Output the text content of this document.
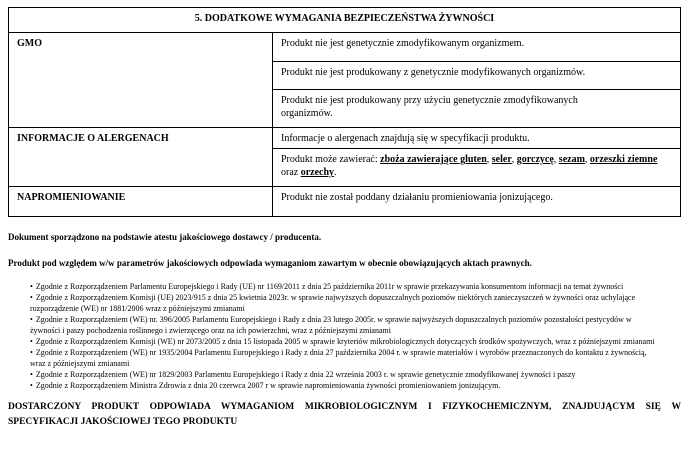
5. DODATKOWE WYMAGANIA BEZPIECZEŃSTWA ŻYWNOŚCI	
GMO	Produkt nie jest genetycznie zmodyfikowanym organizmem.
	Produkt nie jest produkowany z genetycznie modyfikowanych organizmów.

	Produkt nie jest produkowany przy użyciu genetycznie zmodyfikowanych organizmów.

INFORMACJE O ALERGENACH	Informacje o alergenach znajdują się w specyfikacji produktu.

	Produkt może zawierać: zboża zawierające gluten, seler, gorczycę, sezam, orzeszki ziemne oraz orzechy.

NAPROMIENIOWANIE	Produkt nie został poddany działaniu promieniowania jonizującego.

Dokument sporządzono na podstawie atestu jakościowego dostawcy / producenta.

Produkt pod względem w/w parametrów jakościowych odpowiada wymaganiom zawartym w obecnie obowiązujących aktach prawnych.

• Zgodnie z Rozporządzeniem Parlamentu Europejskiego i Rady (UE) nr 1169/2011 z dnia 25 października 2011r w sprawie przekazywania konsumentom informacji na temat żywności
• Zgodnie z Rozporządzeniem Komisji (UE) 2023/915 z dnia 25 kwietnia 2023r. w sprawie najwyższych dopuszczalnych poziomów niektórych zanieczyszczeń w żywności oraz uchylające rozporządzenie (WE) nr 1881/2006 wraz z późniejszymi zmianami
• Zgodnie z Rozporządzeniem (WE) nr. 396/2005 Parlamentu Europejskiego i Rady z dnia 23 lutego 2005r. w sprawie najwyższych dopuszczalnych poziomów pozostałości pestycydów w żywności i paszy pochodzenia roślinnego i zwierzęcego oraz na ich powierzchni, wraz z późniejszymi zmianami
• Zgodnie z Rozporządzeniem Komisji (WE) nr 2073/2005 z dnia 15 listopada 2005 w sprawie kryteriów mikrobiologicznych dotyczących środków spożywczych, wraz z późniejszymi zmianami
• Zgodnie z Rozporządzeniem (WE) nr 1935/2004 Parlamentu Europejskiego i Rady z dnia 27 października 2004 r. w sprawie materiałów i wyrobów przeznaczonych do kontaktu z żywnością, wraz z późniejszymi zmianami
• Zgodnie z Rozporządzeniem (WE) nr 1829/2003 Parlamentu Europejskiego i Rady z dnia 22 września 2003 r. w sprawie genetycznie zmodyfikowanej żywności i paszy
• Zgodnie z Rozporządzeniem Ministra Zdrowia z dnia 20 czerwca 2007 r w sprawie napromieniowania żywności promieniowaniem jonizującym.
DOSTARCZONY PRODUKT ODPOWIADA WYMAGANIOM MIKROBIOLOGICZNYM I FIZYKOCHEMICZNYM, ZNAJDUJĄCYM SIĘ W
SPECYFIKACJI JAKOŚCIOWEJ TEGO PRODUKTU
